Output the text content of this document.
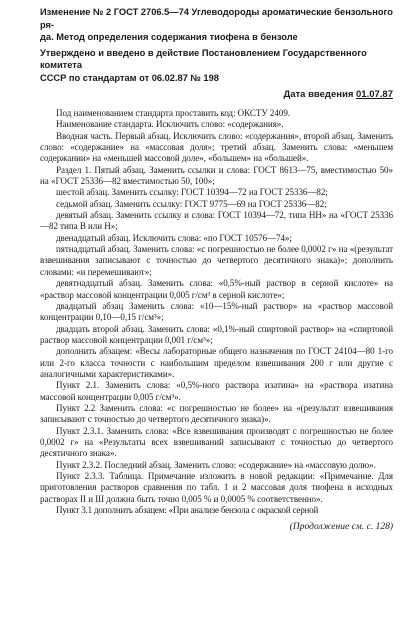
Изменение № 2 ГОСТ 2706.5—74 Углеводороды ароматические бензольного ря-

да. Метод определения содержания тиофена в бензоле

Утверждено и введено в действие Постановлением Государственного комитета

СССР по стандартам от 06.02.87 № 198

Дата введения 01.07.87

Под наименованием стандарта проставить код: ОКСТУ 2409.

Наименование стандарта. Исключить слово: «содержания».

Вводная часть. Первый абзац. Исключить слово: «содержания», второй абзац. Заменить слово: «содержание» на «массовая доля»; третий абзац. Заменить слова: «меньшем содержании» на «меньшей массовой доле», «большем» на «большей».

Раздел 1. Пятый абзац. Заменить ссылки и слова: ГОСТ 8613—75, вместимостью 50» на «ГОСТ 25336—82 вместимостью 50, 100»;

шестой абзац. Заменить ссылку: ГОСТ 10394—72 на ГОСТ 25336—82;

седьмой абзац. Заменить ссылку: ГОСТ 9775—69 на ГОСТ 25336—82;

девятый абзац. Заменить ссылку и слова: ГОСТ 10394—72, типа НН» на «ГОСТ 25336—82 типа В или Н»;

двенадцатый абзац. Исключить слова: «по ГОСТ 10576—74»;

пятнадцатый абзац. Заменить слова: «с погрешностью не более 0,0002 г» на «(результат взвешивания записывают с точностью до четвертого десятичного знака)»; дополнить словами: «и перемешивают»;

девятнадцатый абзац. Заменить слова: «0,5%-ный раствор в серной кислоте» на «раствор массовой концентрации 0,005 г/см³ в серной кислоте»;

двадцатый абзац Заменить слова: «10—15%-ный раствор» на «раствор массовой концентрации 0,10—0,15 г/см³»;

двадцать второй абзац. Заменить слова: «0,1%-ный спиртовой раствор» на «спиртовой раствор массовой концентрации 0,001 г/см³»;

дополнить абзацем: «Весы лабораторные общего назначения по ГОСТ 24104—80 1-го или 2-го класса точности с наибольшим пределом взвешивания 200 г или другие с аналогичными характеристиками».

Пункт 2.1. Заменить слова: «0,5%-ного раствора изатина» на «раствора изатина массовой концентрации 0,005 г/см³».

Пункт 2.2 Заменить слова: «с погрешностью не более» на «(результат взвешивания записывают с точностью до четвертого десятичного знака)».

Пункт 2.3.1. Заменить слова: «Все взвешивания производят с погрешностью не более 0,0002 г» на «Результаты всех взвешиваний записывают с точностью до четвертого десятичного знака».

Пункт 2.3.2. Последний абзац. Заменить слово: «содержание» на «массовую долю».

Пункт 2.3.3. Таблица. Примечание изложить в новой редакции: «Примечание. Для приготовления растворов сравнения по табл. 1 и 2 массовая доля тиофена в исходных растворах II и III должна быть точно 0,005 % и 0,0005 % соответственно».

Пункт 3.1 дополнить абзацем: «При анализе бензола с окраской серной

(Продолжение см. с. 128)
